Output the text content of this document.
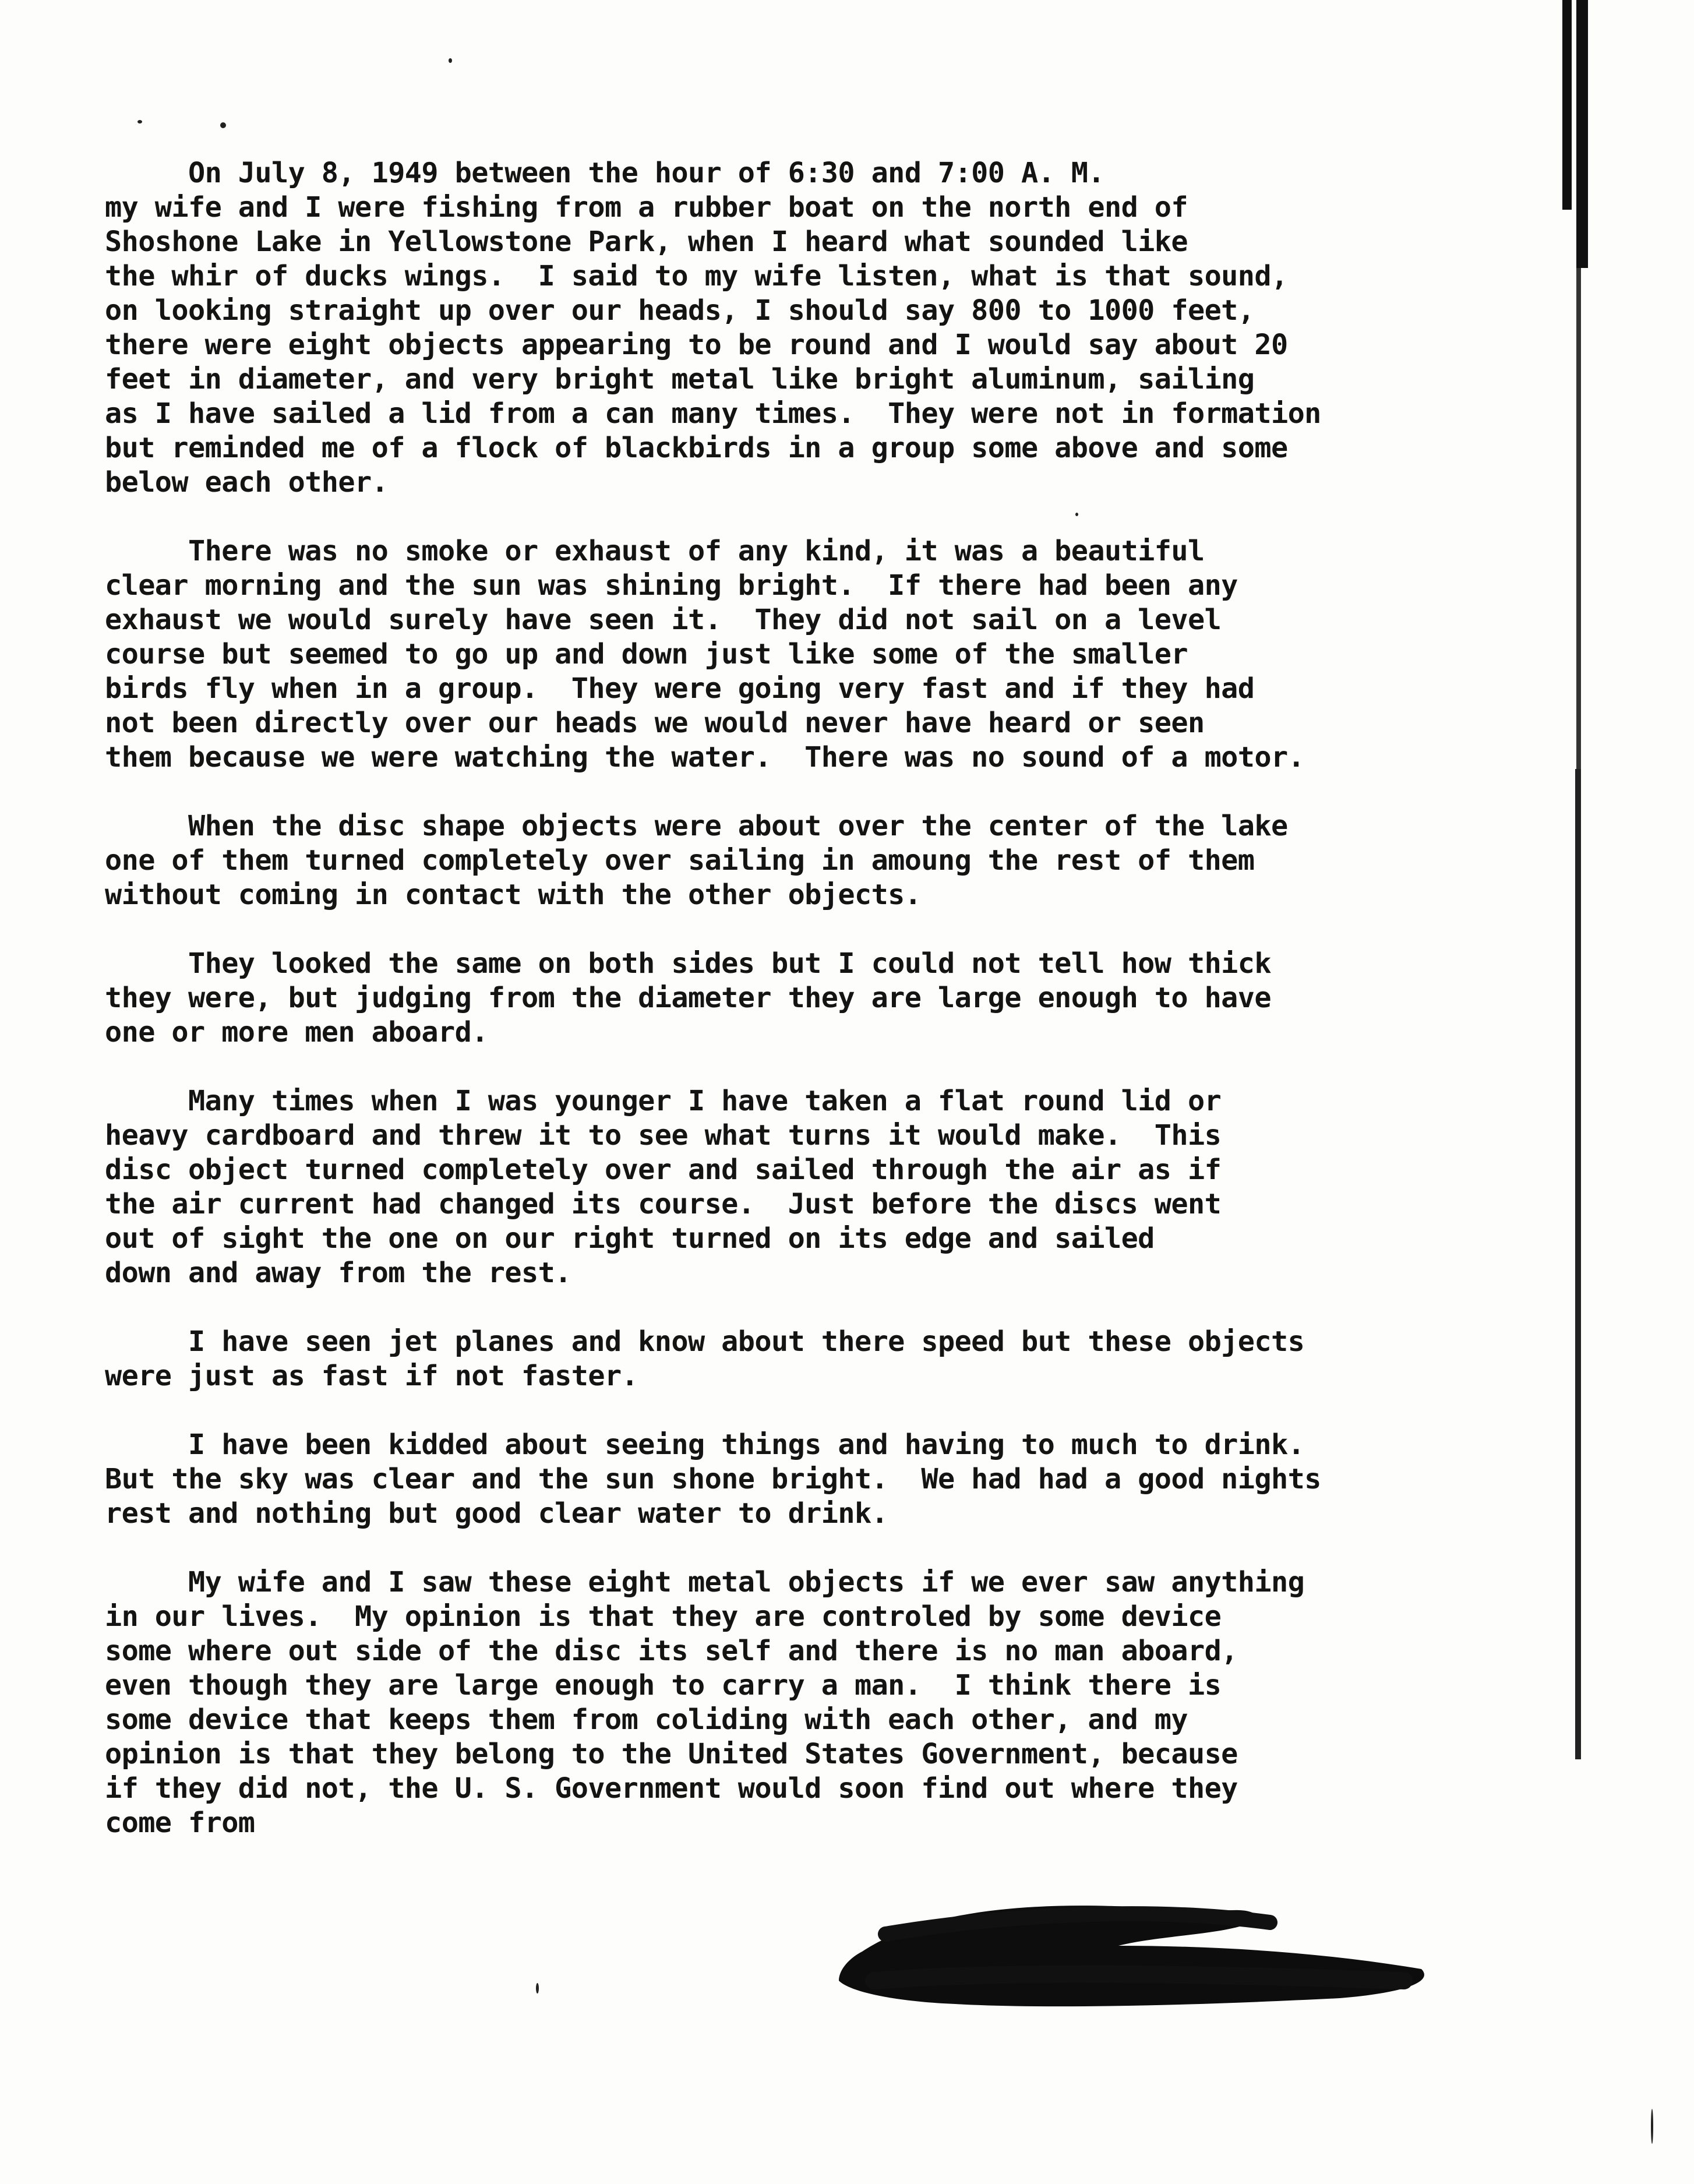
On July 8, 1949 between the hour of 6:30 and 7:00 A. M.
my wife and I were fishing from a rubber boat on the north end of
Shoshone Lake in Yellowstone Park, when I heard what sounded like
the whir of ducks wings.  I said to my wife listen, what is that sound,
on looking straight up over our heads, I should say 800 to 1000 feet,
there were eight objects appearing to be round and I would say about 20
feet in diameter, and very bright metal like bright aluminum, sailing
as I have sailed a lid from a can many times.  They were not in formation
but reminded me of a flock of blackbirds in a group some above and some
below each other.
There was no smoke or exhaust of any kind, it was a beautiful
clear morning and the sun was shining bright.  If there had been any
exhaust we would surely have seen it.  They did not sail on a level
course but seemed to go up and down just like some of the smaller
birds fly when in a group.  They were going very fast and if they had
not been directly over our heads we would never have heard or seen
them because we were watching the water.  There was no sound of a motor.
When the disc shape objects were about over the center of the lake
one of them turned completely over sailing in amoung the rest of them
without coming in contact with the other objects.
They looked the same on both sides but I could not tell how thick
they were, but judging from the diameter they are large enough to have
one or more men aboard.
Many times when I was younger I have taken a flat round lid or
heavy cardboard and threw it to see what turns it would make.  This
disc object turned completely over and sailed through the air as if
the air current had changed its course.  Just before the discs went
out of sight the one on our right turned on its edge and sailed
down and away from the rest.
I have seen jet planes and know about there speed but these objects
were just as fast if not faster.
I have been kidded about seeing things and having to much to drink.
But the sky was clear and the sun shone bright.  We had had a good nights
rest and nothing but good clear water to drink.
My wife and I saw these eight metal objects if we ever saw anything
in our lives.  My opinion is that they are controled by some device
some where out side of the disc its self and there is no man aboard,
even though they are large enough to carry a man.  I think there is
some device that keeps them from coliding with each other, and my
opinion is that they belong to the United States Government, because
if they did not, the U. S. Government would soon find out where they
come from
